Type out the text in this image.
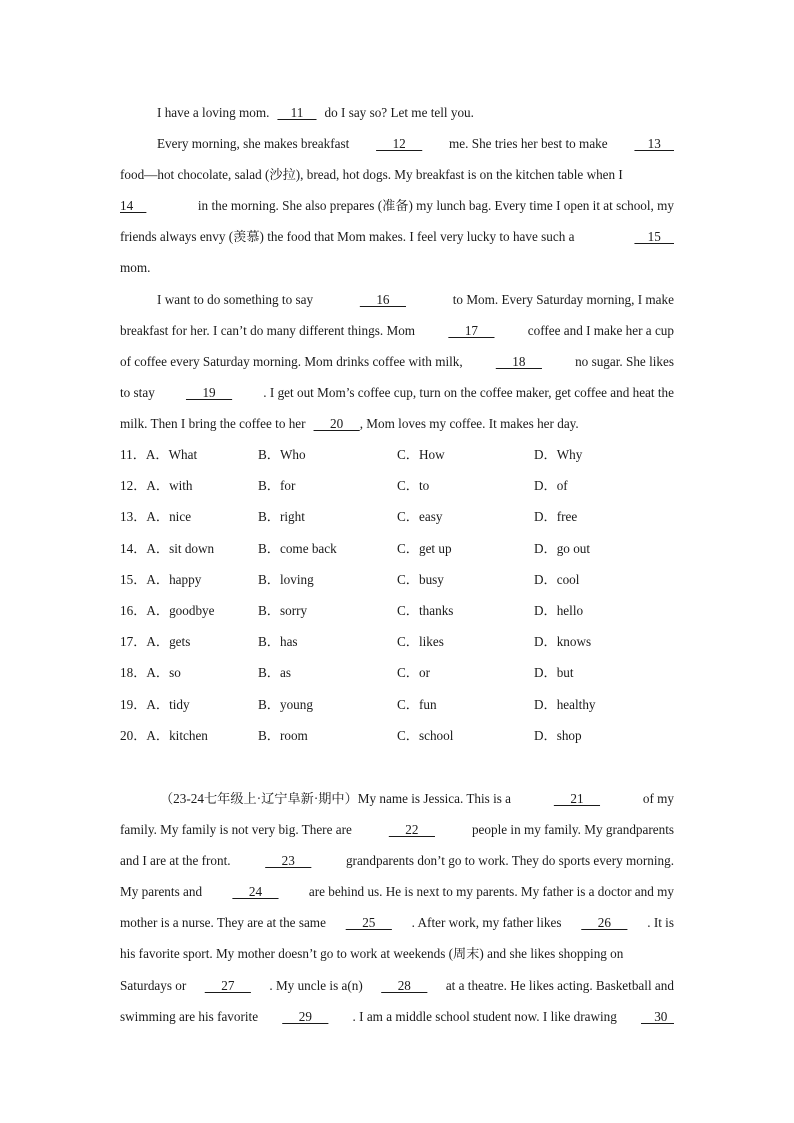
I have a loving mom. 11 do I say so? Let me tell you.
Every morning, she makes breakfast 12 me. She tries her best to make 13
food—hot chocolate, salad (沙拉), bread, hot dogs. My breakfast is on the kitchen table when I
14	in the morning. She also prepares (准备) my lunch bag. Every time I open it at school, my
friends always envy (羡慕) the food that Mom makes. I feel very lucky to have such a	15
mom.
I want to do something to say	16	to Mom. Every Saturday morning, I make
breakfast for her. I can’t do many different things. Mom	17	coffee and I make her a cup
of coffee every Saturday morning. Mom drinks coffee with milk,	18	no sugar. She likes
to stay 19 . I get out Mom’s coffee cup, turn on the coffee maker, get coffee and heat the
milk. Then I bring the coffee to her 20 , Mom loves my coffee. It makes her day.
11．A．What	B．Who	C．How	D．Why
12．A．with	B．for	C．to	D．of
13．A．nice	B．right	C．easy	D．free
14．A．sit down	B．come back	C．get up	D．go out
15．A．happy	B．loving	C．busy	D．cool
16．A．goodbye	B．sorry	C．thanks	D．hello
17．A．gets	B．has	C．likes	D．knows
18．A．so	B．as	C．or	D．but
19．A．tidy	B．young	C．fun	D．healthy
20．A．kitchen	B．room	C．school	D．shop
（23-24七年级上·辽宁阜新·期中）My name is Jessica. This is a	21	of my
family. My family is not very big. There are	22	people in my family. My grandparents
and I are at the front.	23	grandparents don’t go to work. They do sports every morning.
My parents and 24 are behind us. He is next to my parents. My father is a doctor and my
mother is a nurse. They are at the same 25 . After work, my father likes 26 . It is
his favorite sport. My mother doesn’t go to work at weekends (周末) and she likes shopping on
Saturdays or 27 . My uncle is a(n) 28 at a theatre. He likes acting. Basketball and
swimming are his favorite 29 . I am a middle school student now. I like drawing 30
